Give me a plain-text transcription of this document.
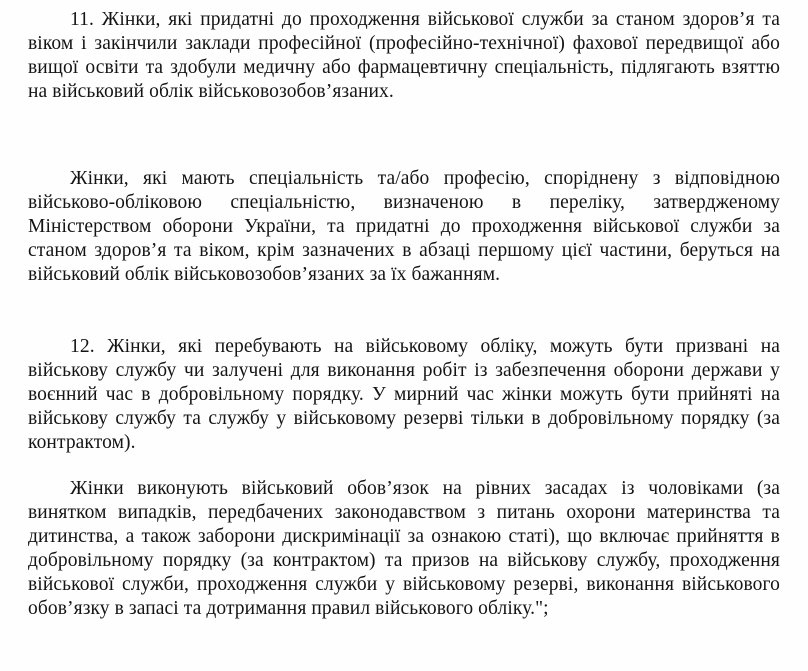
11. Жінки, які придатні до проходження військової служби за станом здоров’я та віком і закінчили заклади професійної (професійно-технічної) фахової передвищої або вищої освіти та здобули медичну або фармацевтичну спеціальність, підлягають взяттю на військовий облік військовозобов’язаних.

Жінки, які мають спеціальність та/або професію, споріднену з відповідною військово-обліковою спеціальністю, визначеною в переліку, затвердженому Міністерством оборони України, та придатні до проходження військової служби за станом здоров’я та віком, крім зазначених в абзаці першому цієї частини, беруться на військовий облік військовозобов’язаних за їх бажанням.

12. Жінки, які перебувають на військовому обліку, можуть бути призвані на військову службу чи залучені для виконання робіт із забезпечення оборони держави у воєнний час в добровільному порядку. У мирний час жінки можуть бути прийняті на військову службу та службу у військовому резерві тільки в добровільному порядку (за контрактом).

Жінки виконують військовий обов’язок на рівних засадах із чоловіками (за винятком випадків, передбачених законодавством з питань охорони материнства та дитинства, а також заборони дискримінації за ознакою статі), що включає прийняття в добровільному порядку (за контрактом) та призов на військову службу, проходження військової служби, проходження служби у військовому резерві, виконання військового обов’язку в запасі та дотримання правил військового обліку.";
